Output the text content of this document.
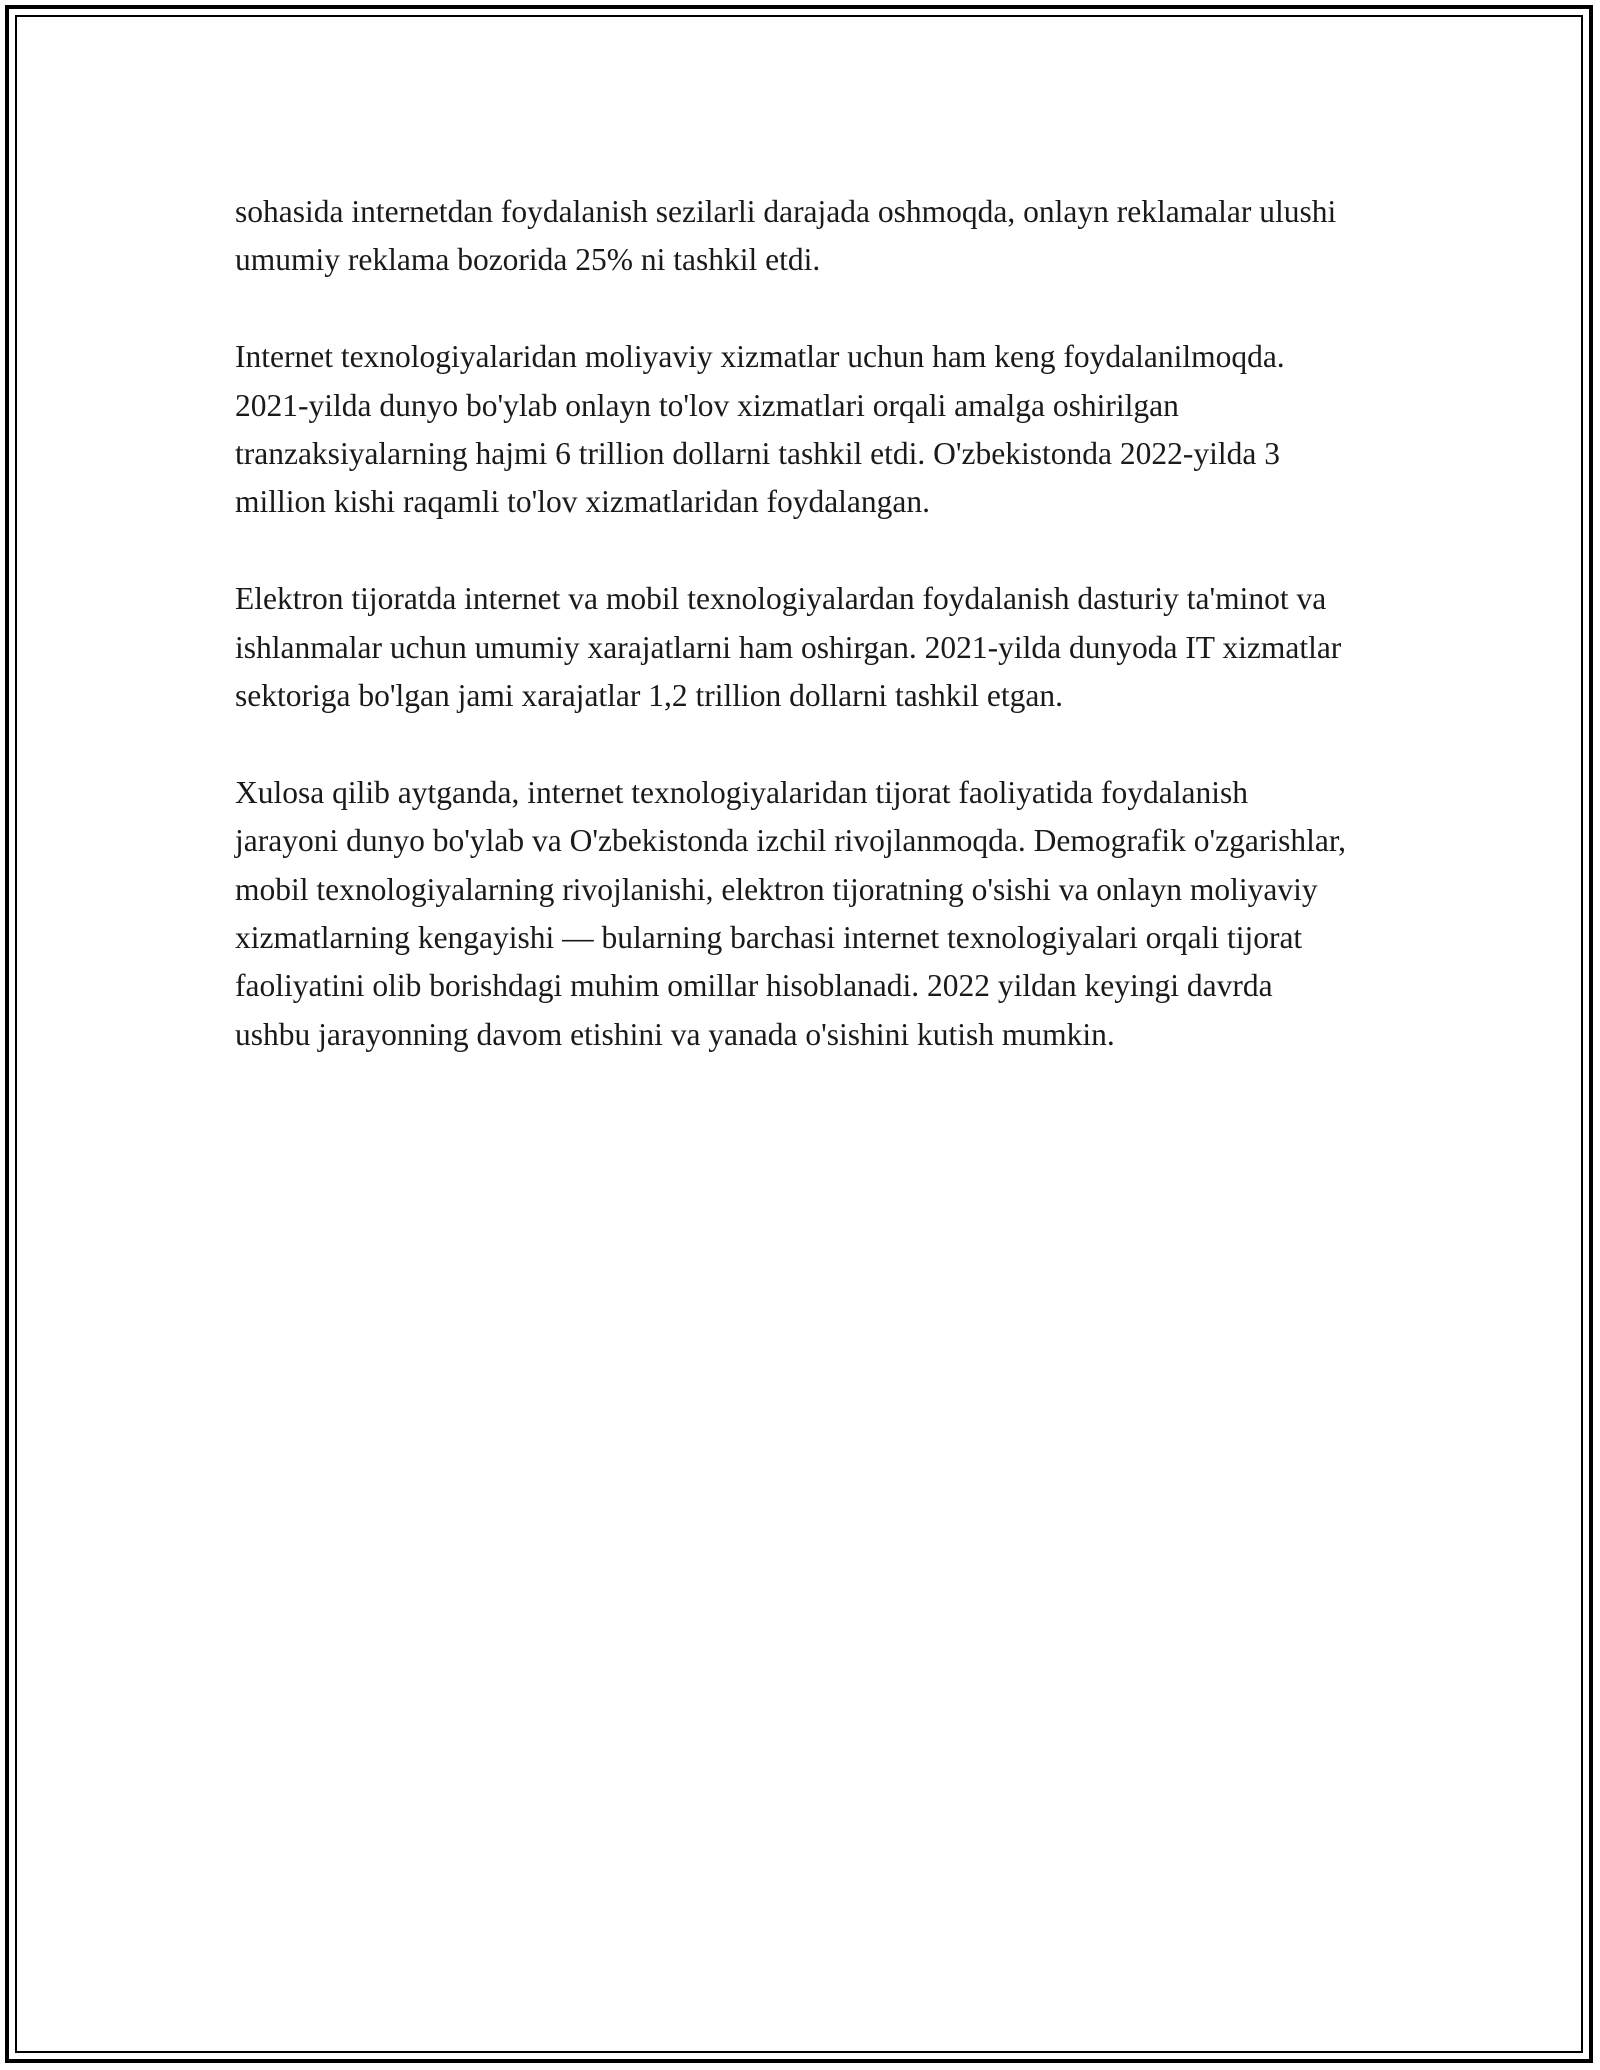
sohasida internetdan foydalanish sezilarli darajada oshmoqda, onlayn reklamalar ulushi umumiy reklama bozorida 25% ni tashkil etdi.

Internet texnologiyalaridan moliyaviy xizmatlar uchun ham keng foydalanilmoqda. 2021-yilda dunyo bo'ylab onlayn to'lov xizmatlari orqali amalga oshirilgan tranzaksiyalarning hajmi 6 trillion dollarni tashkil etdi. O'zbekistonda 2022-yilda 3 million kishi raqamli to'lov xizmatlaridan foydalangan.

Elektron tijoratda internet va mobil texnologiyalardan foydalanish dasturiy ta'minot va ishlanmalar uchun umumiy xarajatlarni ham oshirgan. 2021-yilda dunyoda IT xizmatlar sektoriga bo'lgan jami xarajatlar 1,2 trillion dollarni tashkil etgan.

Xulosa qilib aytganda, internet texnologiyalaridan tijorat faoliyatida foydalanish jarayoni dunyo bo'ylab va O'zbekistonda izchil rivojlanmoqda. Demografik o'zgarishlar, mobil texnologiyalarning rivojlanishi, elektron tijoratning o'sishi va onlayn moliyaviy xizmatlarning kengayishi — bularning barchasi internet texnologiyalari orqali tijorat faoliyatini olib borishdagi muhim omillar hisoblanadi. 2022 yildan keyingi davrda ushbu jarayonning davom etishini va yanada o'sishini kutish mumkin.
